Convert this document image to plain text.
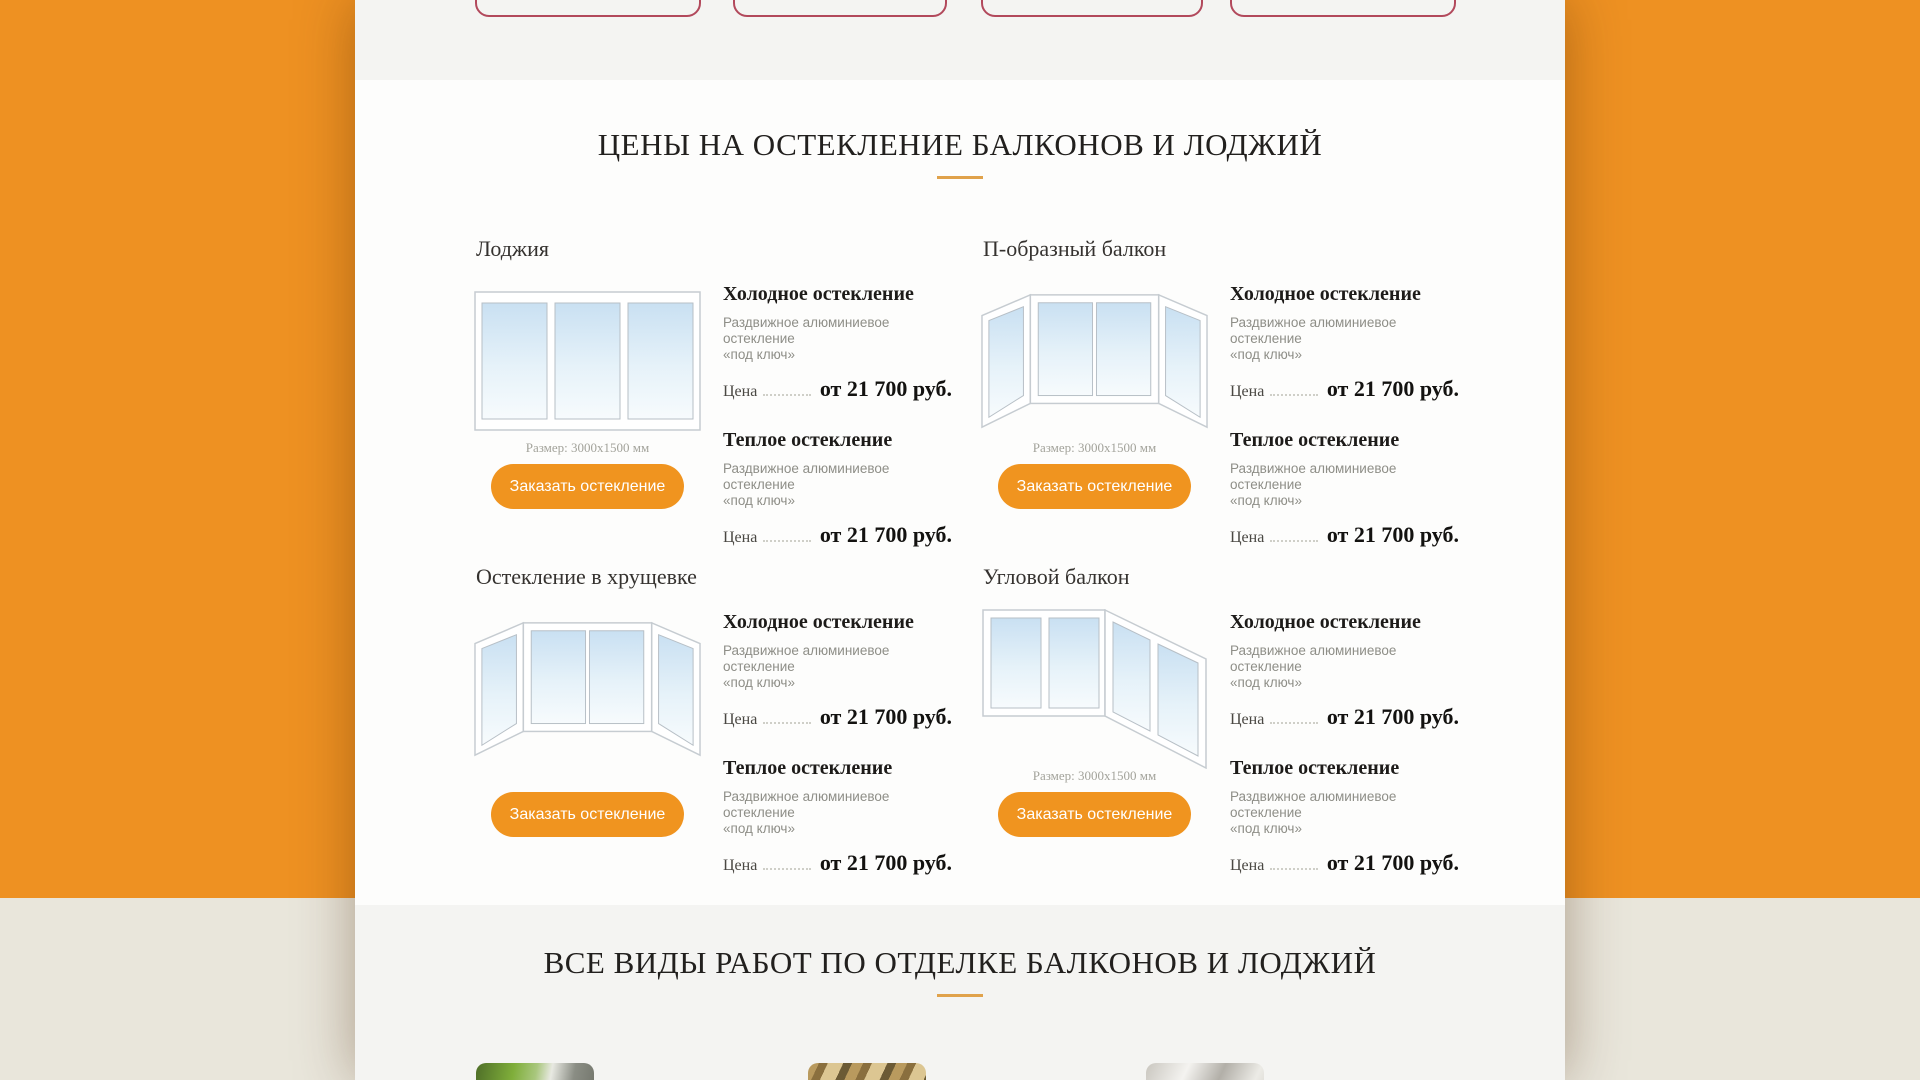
ЦЕНЫ НА ОСТЕКЛЕНИЕ БАЛКОНОВ И ЛОДЖИЙ
Лоджия
Размер: 3000х1500 мм
Заказать остекление
Холодное остекление
Раздвижное алюминиевое остекление
«под ключ»
Цена	от 21 700 руб.
Теплое остекление
Раздвижное алюминиевое остекление
«под ключ»
Цена	от 21 700 руб.
П-образный балкон
Размер: 3000х1500 мм
Заказать остекление
Холодное остекление
Раздвижное алюминиевое остекление
«под ключ»
Цена	от 21 700 руб.
Теплое остекление
Раздвижное алюминиевое остекление
«под ключ»
Цена	от 21 700 руб.
Остекление в хрущевке
Заказать остекление
Холодное остекление
Раздвижное алюминиевое остекление
«под ключ»
Цена	от 21 700 руб.
Теплое остекление
Раздвижное алюминиевое остекление
«под ключ»
Цена	от 21 700 руб.
Угловой балкон
Размер: 3000х1500 мм
Заказать остекление
Холодное остекление
Раздвижное алюминиевое остекление
«под ключ»
Цена	от 21 700 руб.
Теплое остекление
Раздвижное алюминиевое остекление
«под ключ»
Цена	от 21 700 руб.
ВСЕ ВИДЫ РАБОТ ПО ОТДЕЛКЕ БАЛКОНОВ И ЛОДЖИЙ
